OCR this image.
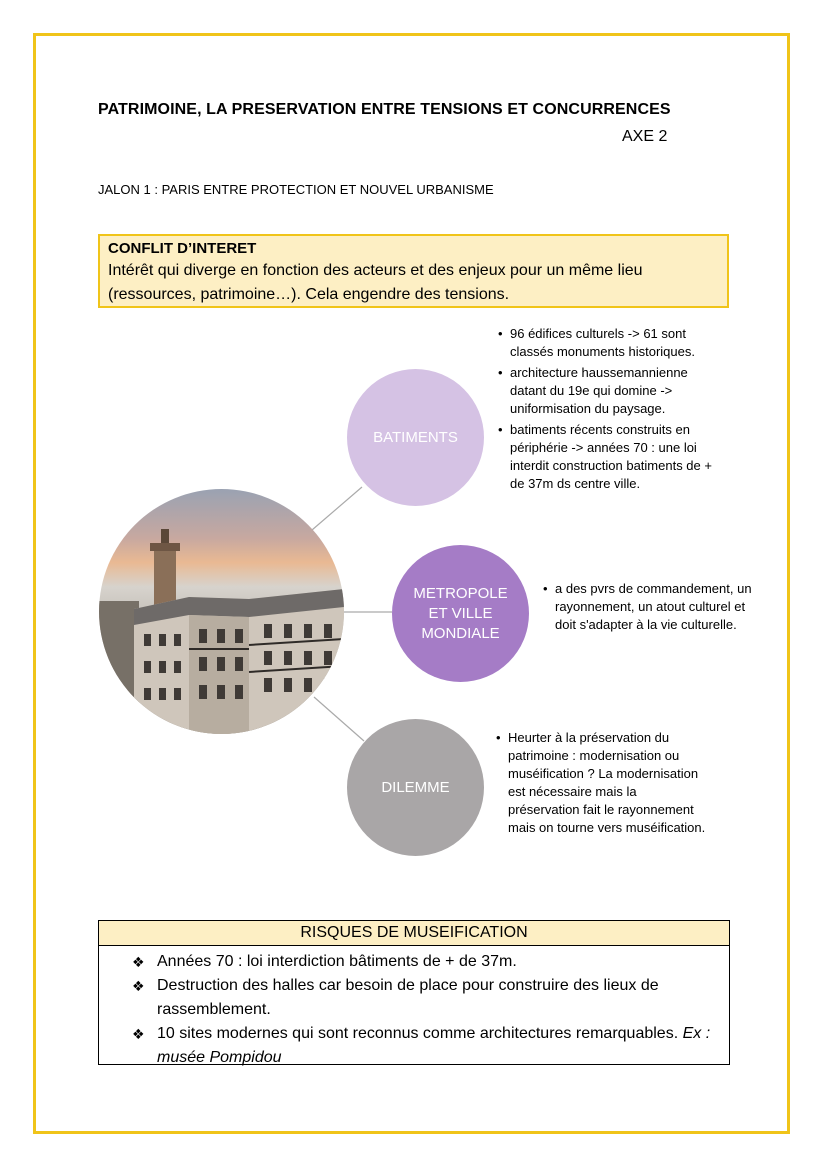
PATRIMOINE, LA PRESERVATION ENTRE TENSIONS ET CONCURRENCES
AXE 2
JALON 1 : PARIS ENTRE PROTECTION ET NOUVEL URBANISME
CONFLIT D’INTERET
Intérêt qui diverge en fonction des acteurs et des enjeux pour un même lieu (ressources, patrimoine…). Cela engendre des tensions.
BATIMENTS
METROPOLE ET VILLE MONDIALE
DILEMME
• 96 édifices culturels -> 61 sont classés monuments historiques.
• architecture haussemannienne datant du 19e qui domine -> uniformisation du paysage.
• batiments récents construits en périphérie -> années 70 : une loi interdit construction batiments de + de 37m ds centre ville.
• a des pvrs de commandement, un rayonnement, un atout culturel et doit s'adapter à la vie culturelle.
• Heurter à la préservation du patrimoine : modernisation ou muséification ? La modernisation est nécessaire mais la préservation fait le rayonnement mais on tourne vers muséification.
RISQUES DE MUSEIFICATION
❖ Années 70 : loi interdiction bâtiments de + de 37m.
❖ Destruction des halles car besoin de place pour construire des lieux de rassemblement.
❖ 10 sites modernes qui sont reconnus comme architectures remarquables. Ex : musée Pompidou
